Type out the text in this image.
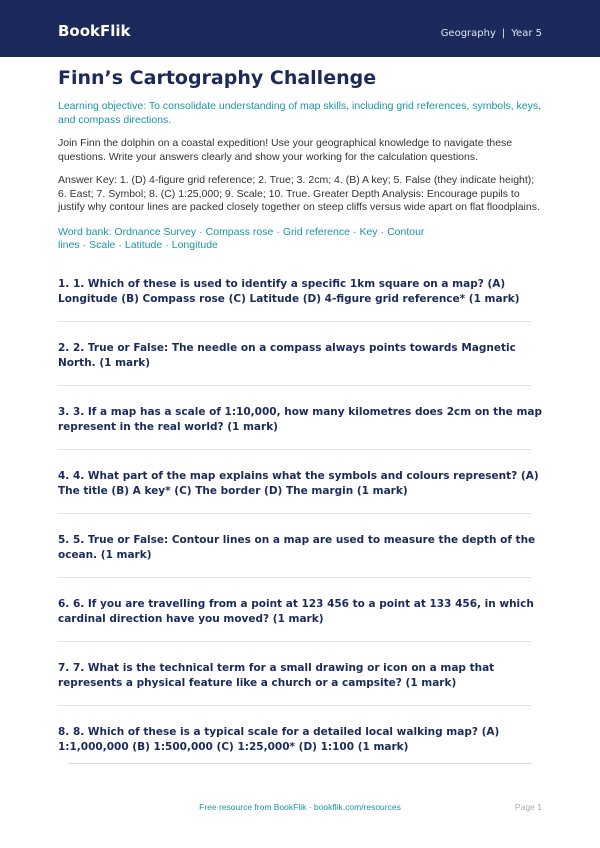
BookFlik	Geography | Year 5
Finn’s Cartography Challenge

Learning objective: To consolidate understanding of map skills, including grid references, symbols, keys, and compass directions.

Join Finn the dolphin on a coastal expedition! Use your geographical knowledge to navigate these questions. Write your answers clearly and show your working for the calculation questions.

Answer Key: 1. (D) 4-figure grid reference; 2. True; 3. 2cm; 4. (B) A key; 5. False (they indicate height); 6. East; 7. Symbol; 8. (C) 1:25,000; 9. Scale; 10. True. Greater Depth Analysis: Encourage pupils to justify why contour lines are packed closely together on steep cliffs versus wide apart on flat floodplains.

Word bank: Ordnance Survey · Compass rose · Grid reference · Key · Contour lines · Scale · Latitude · Longitude

1. 1. Which of these is used to identify a specific 1km square on a map? (A) Longitude (B) Compass rose (C) Latitude (D) 4-figure grid reference* (1 mark)
2. 2. True or False: The needle on a compass always points towards Magnetic North. (1 mark)
3. 3. If a map has a scale of 1:10,000, how many kilometres does 2cm on the map represent in the real world? (1 mark)
4. 4. What part of the map explains what the symbols and colours represent? (A) The title (B) A key* (C) The border (D) The margin (1 mark)
5. 5. True or False: Contour lines on a map are used to measure the depth of the ocean. (1 mark)
6. 6. If you are travelling from a point at 123 456 to a point at 133 456, in which cardinal direction have you moved? (1 mark)
7. 7. What is the technical term for a small drawing or icon on a map that represents a physical feature like a church or a campsite? (1 mark)
8. 8. Which of these is a typical scale for a detailed local walking map? (A) 1:1,000,000 (B) 1:500,000 (C) 1:25,000* (D) 1:100 (1 mark)
Free resource from BookFlik · bookflik.com/resources	Page 1
